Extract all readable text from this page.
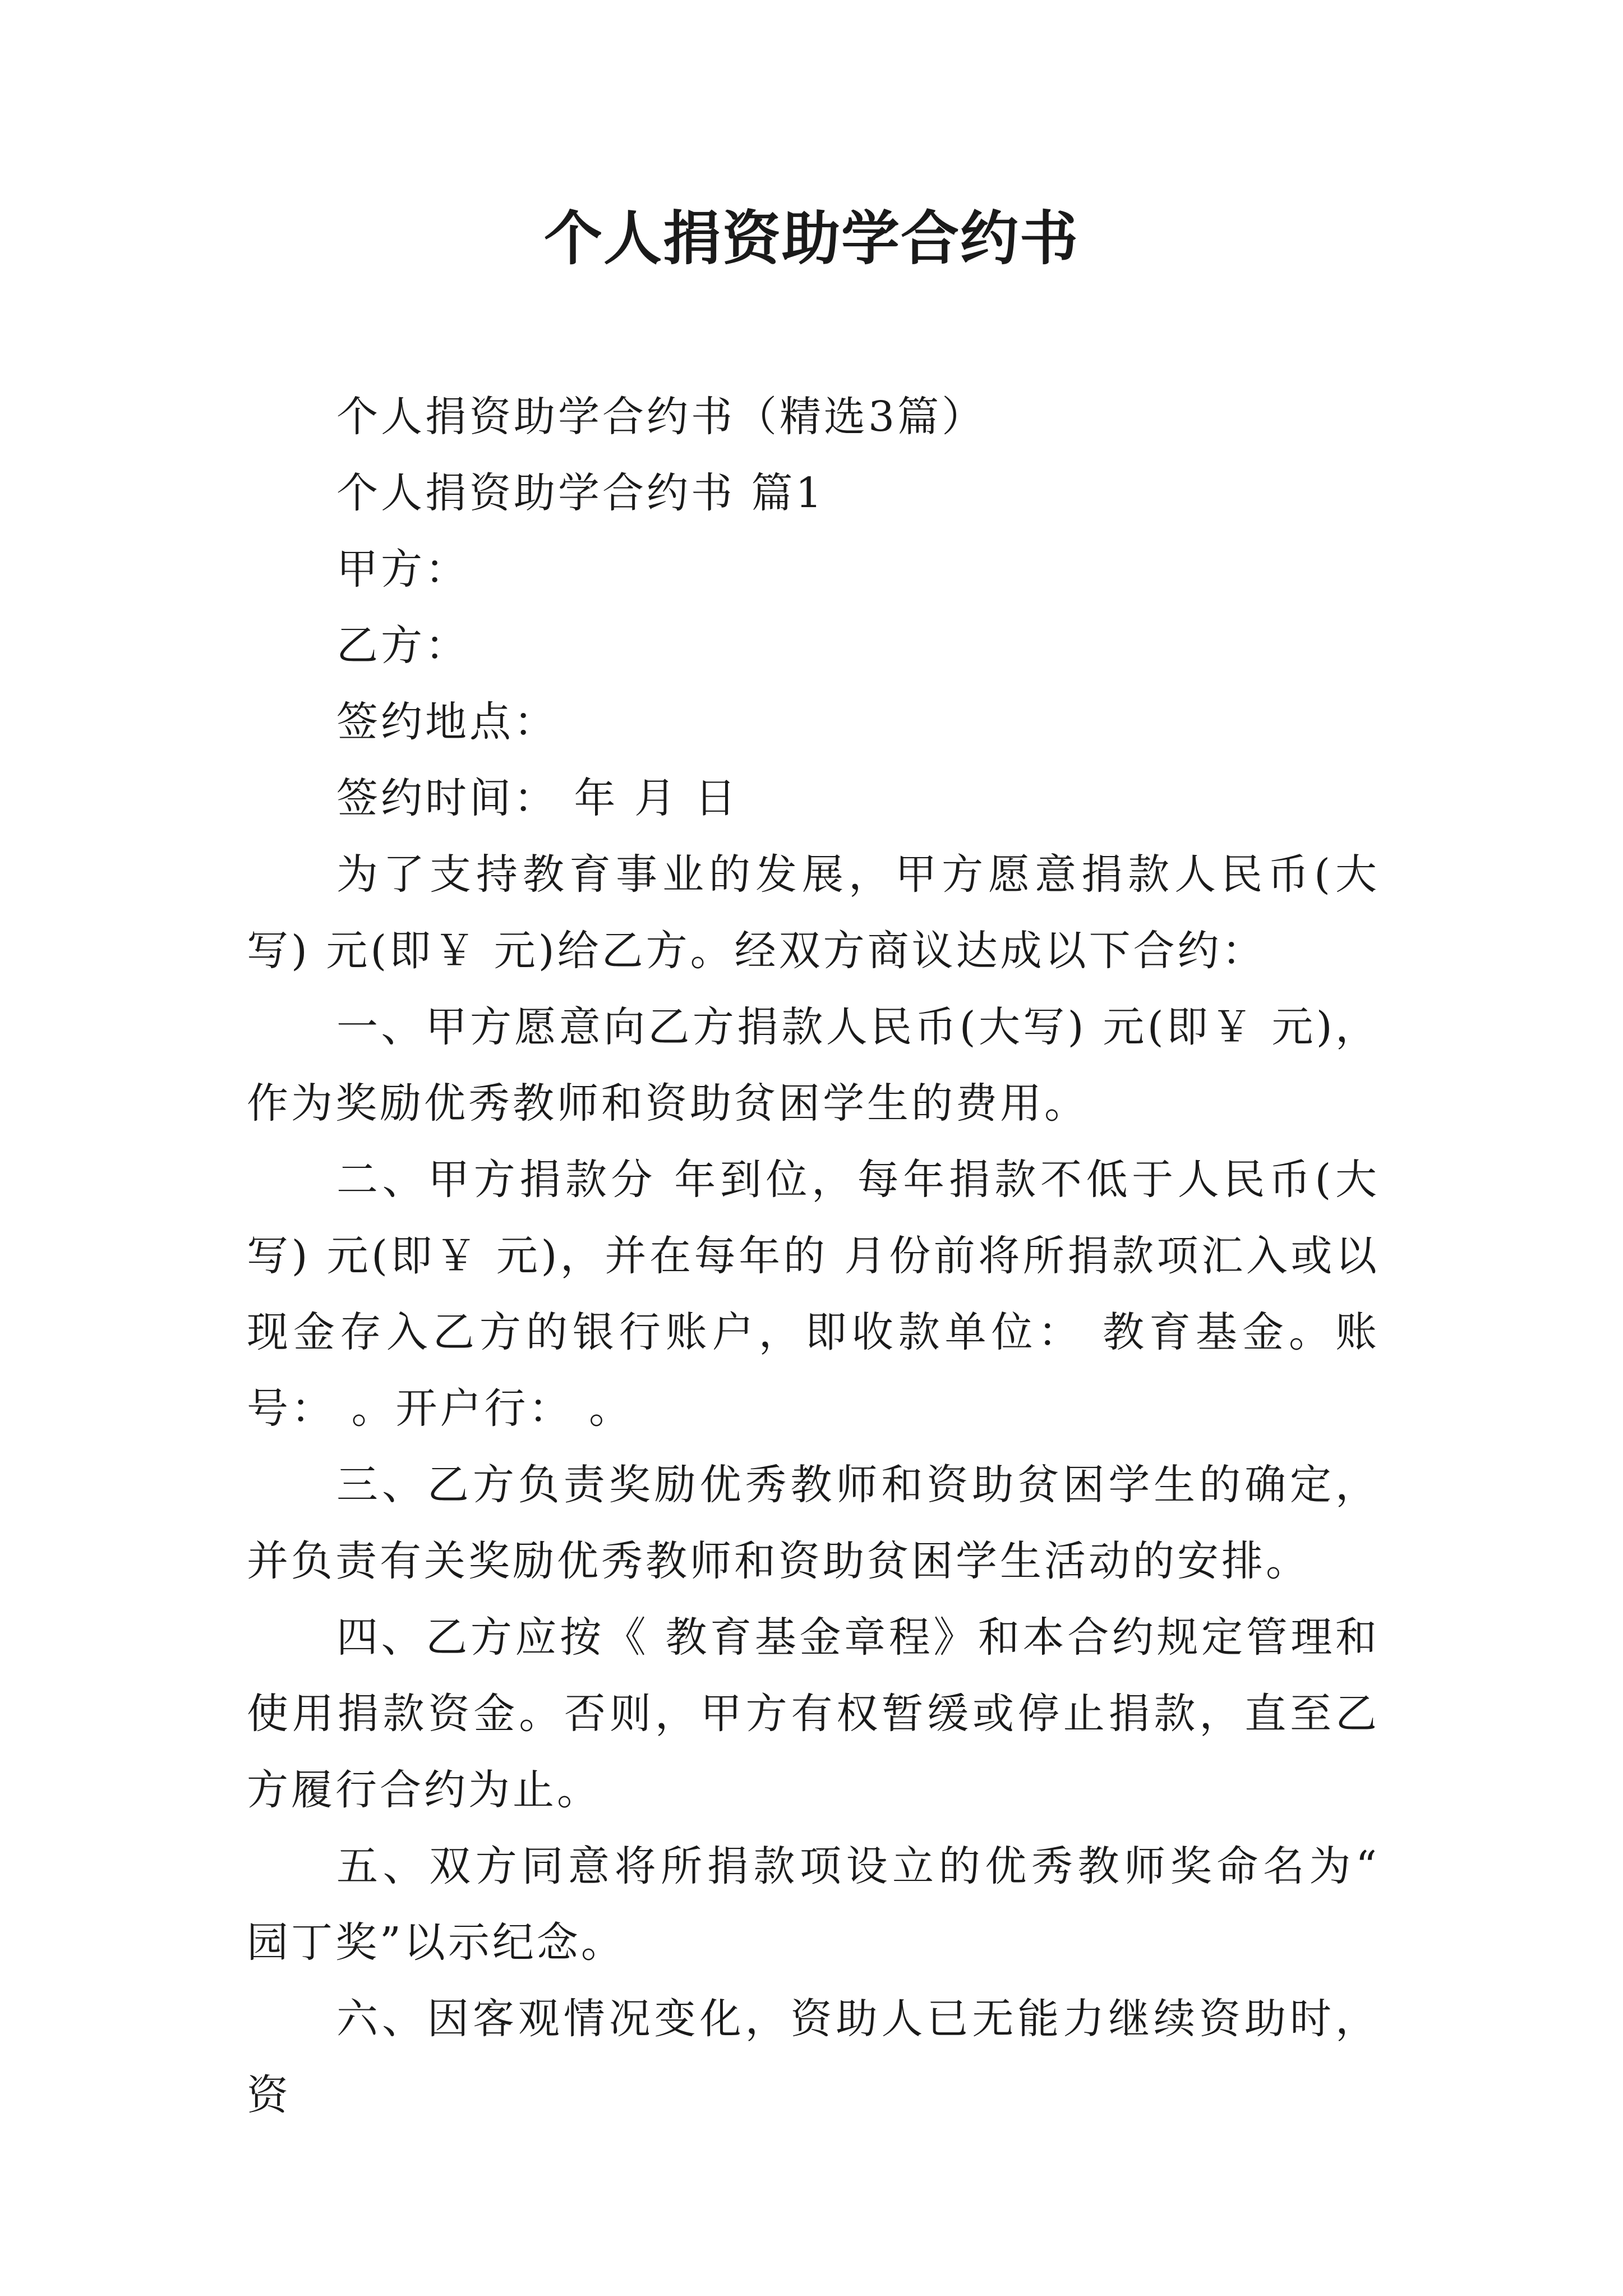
个人捐资助学合约书

个人捐资助学合约书（精选3篇）

个人捐资助学合约书 篇1

甲方：

乙方：

签约地点：

签约时间： 年 月 日

为了支持教育事业的发展，甲方愿意捐款人民币(大写) 元(即￥ 元)给乙方。经双方商议达成以下合约：

一、甲方愿意向乙方捐款人民币(大写) 元(即￥ 元)，作为奖励优秀教师和资助贫困学生的费用。

二、甲方捐款分 年到位，每年捐款不低于人民币(大写) 元(即￥ 元)，并在每年的 月份前将所捐款项汇入或以现金存入乙方的银行账户，即收款单位： 教育基金。账号： 。开户行： 。

三、乙方负责奖励优秀教师和资助贫困学生的确定，并负责有关奖励优秀教师和资助贫困学生活动的安排。

四、乙方应按《 教育基金章程》和本合约规定管理和使用捐款资金。否则，甲方有权暂缓或停止捐款，直至乙方履行合约为止。

五、双方同意将所捐款项设立的优秀教师奖命名为“ 园丁奖”以示纪念。

六、因客观情况变化，资助人已无能力继续资助时，资
